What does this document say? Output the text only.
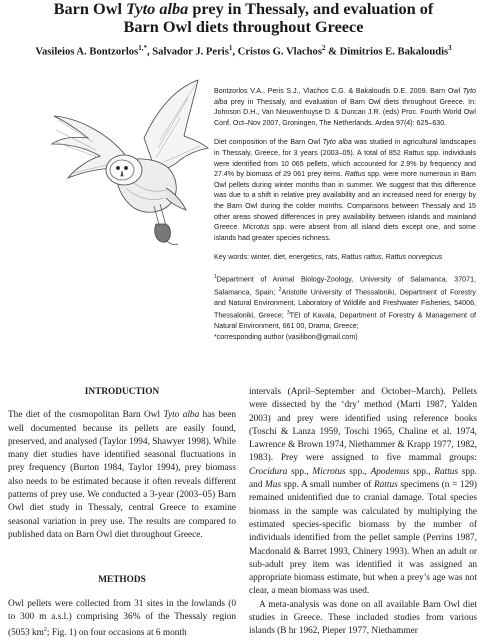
Barn Owl Tyto alba prey in Thessaly, and evaluation of
Barn Owl diets throughout Greece
Vasileios A. Bontzorlos$^{1,*}$, Salvador J. Peris$^1$, Cristos G. Vlachos$^2$ & Dimitrios E. Bakaloudis$^3$

Bontzorlos V.A., Peris S.J., Vlachos C.G. & Bakaloudis D.E. 2009. Barn Owl Tyto alba prey in Thessaly, and evaluation of Barn Owl diets throughout Greece. In: Johnson D.H., Van Nieuwenhuyse D. & Duncan J.R. (eds) Proc. Fourth World Owl Conf. Oct–Nov 2007, Groningen, The Netherlands. Ardea 97(4): 625–630.

Diet composition of the Barn Owl Tyto alba was studied in agricultural landscapes in Thessaly, Greece, for 3 years (2003–05). A total of 852 Rattus spp. individuals were identified from 10 065 pellets, which accounted for 2.9% by frequency and 27.4% by biomass of 29 061 prey items. Rattus spp. were more numerous in Barn Owl pellets during winter months than in summer. We suggest that this difference was due to a shift in relative prey availability and an increased need for energy by the Barn Owl during the colder months. Comparisons between Thessaly and 15 other areas showed differences in prey availability between islands and mainland Greece. Microtus spp. were absent from all island diets except one, and some islands had greater species richness.

Key words: winter, diet, energetics, rats, Rattus rattus, Rattus norvegicus

$^1$Department of Animal Biology-Zoology, University of Salamanca, 37071, Salamanca, Spain; $^2$Aristotle University of Thessaloniki, Department of Forestry and Natural Environment, Laboratory of Wildlife and Freshwater Fisheries, 54006, Thessaloniki, Greece; $^3$TEI of Kavala, Department of Forestry & Management of Natural Environment, 661 00, Drama, Greece;
*corresponding author (vasilibon@gmail.com)

INTRODUCTION

The diet of the cosmopolitan Barn Owl Tyto alba has been well documented because its pellets are easily found, preserved, and analysed (Taylor 1994, Shawyer 1998). While many diet studies have identified seasonal fluctuations in prey frequency (Burton 1984, Taylor 1994), prey biomass also needs to be estimated because it often reveals different patterns of prey use. We conducted a 3-year (2003–05) Barn Owl diet study in Thessaly, central Greece to examine seasonal variation in prey use. The results are compared to published data on Barn Owl diet throughout Greece.

METHODS

Owl pellets were collected from 31 sites in the lowlands (0 to 300 m a.s.l.) comprising 36% of the Thessaly region (5053 $km^2$; Fig. 1) on four occasions at 6 month

intervals (April–September and October–March). Pellets were dissected by the ‘dry’ method (Marti 1987, Yalden 2003) and prey were identified using reference books (Toschi & Lanza 1959, Toschi 1965, Chaline et al. 1974, Lawrence & Brown 1974, Niethammer & Krapp 1977, 1982, 1983). Prey were assigned to five mammal groups: Crocidura spp., Microtus spp., Apodemus spp., Rattus spp. and Mus spp. A small number of Rattus specimens (n = 129) remained unidentified due to cranial damage. Total species biomass in the sample was calculated by multiplying the estimated species-specific biomass by the number of individuals identified from the pellet sample (Perrins 1987, Macdonald & Barret 1993, Chinery 1993). When an adult or sub-adult prey item was identified it was assigned an appropriate biomass estimate, but when a prey’s age was not clear, a mean biomass was used.

A meta-analysis was done on all available Barn Owl diet studies in Greece. These included studies from various islands (B hr 1962, Pieper 1977, Niethammer
